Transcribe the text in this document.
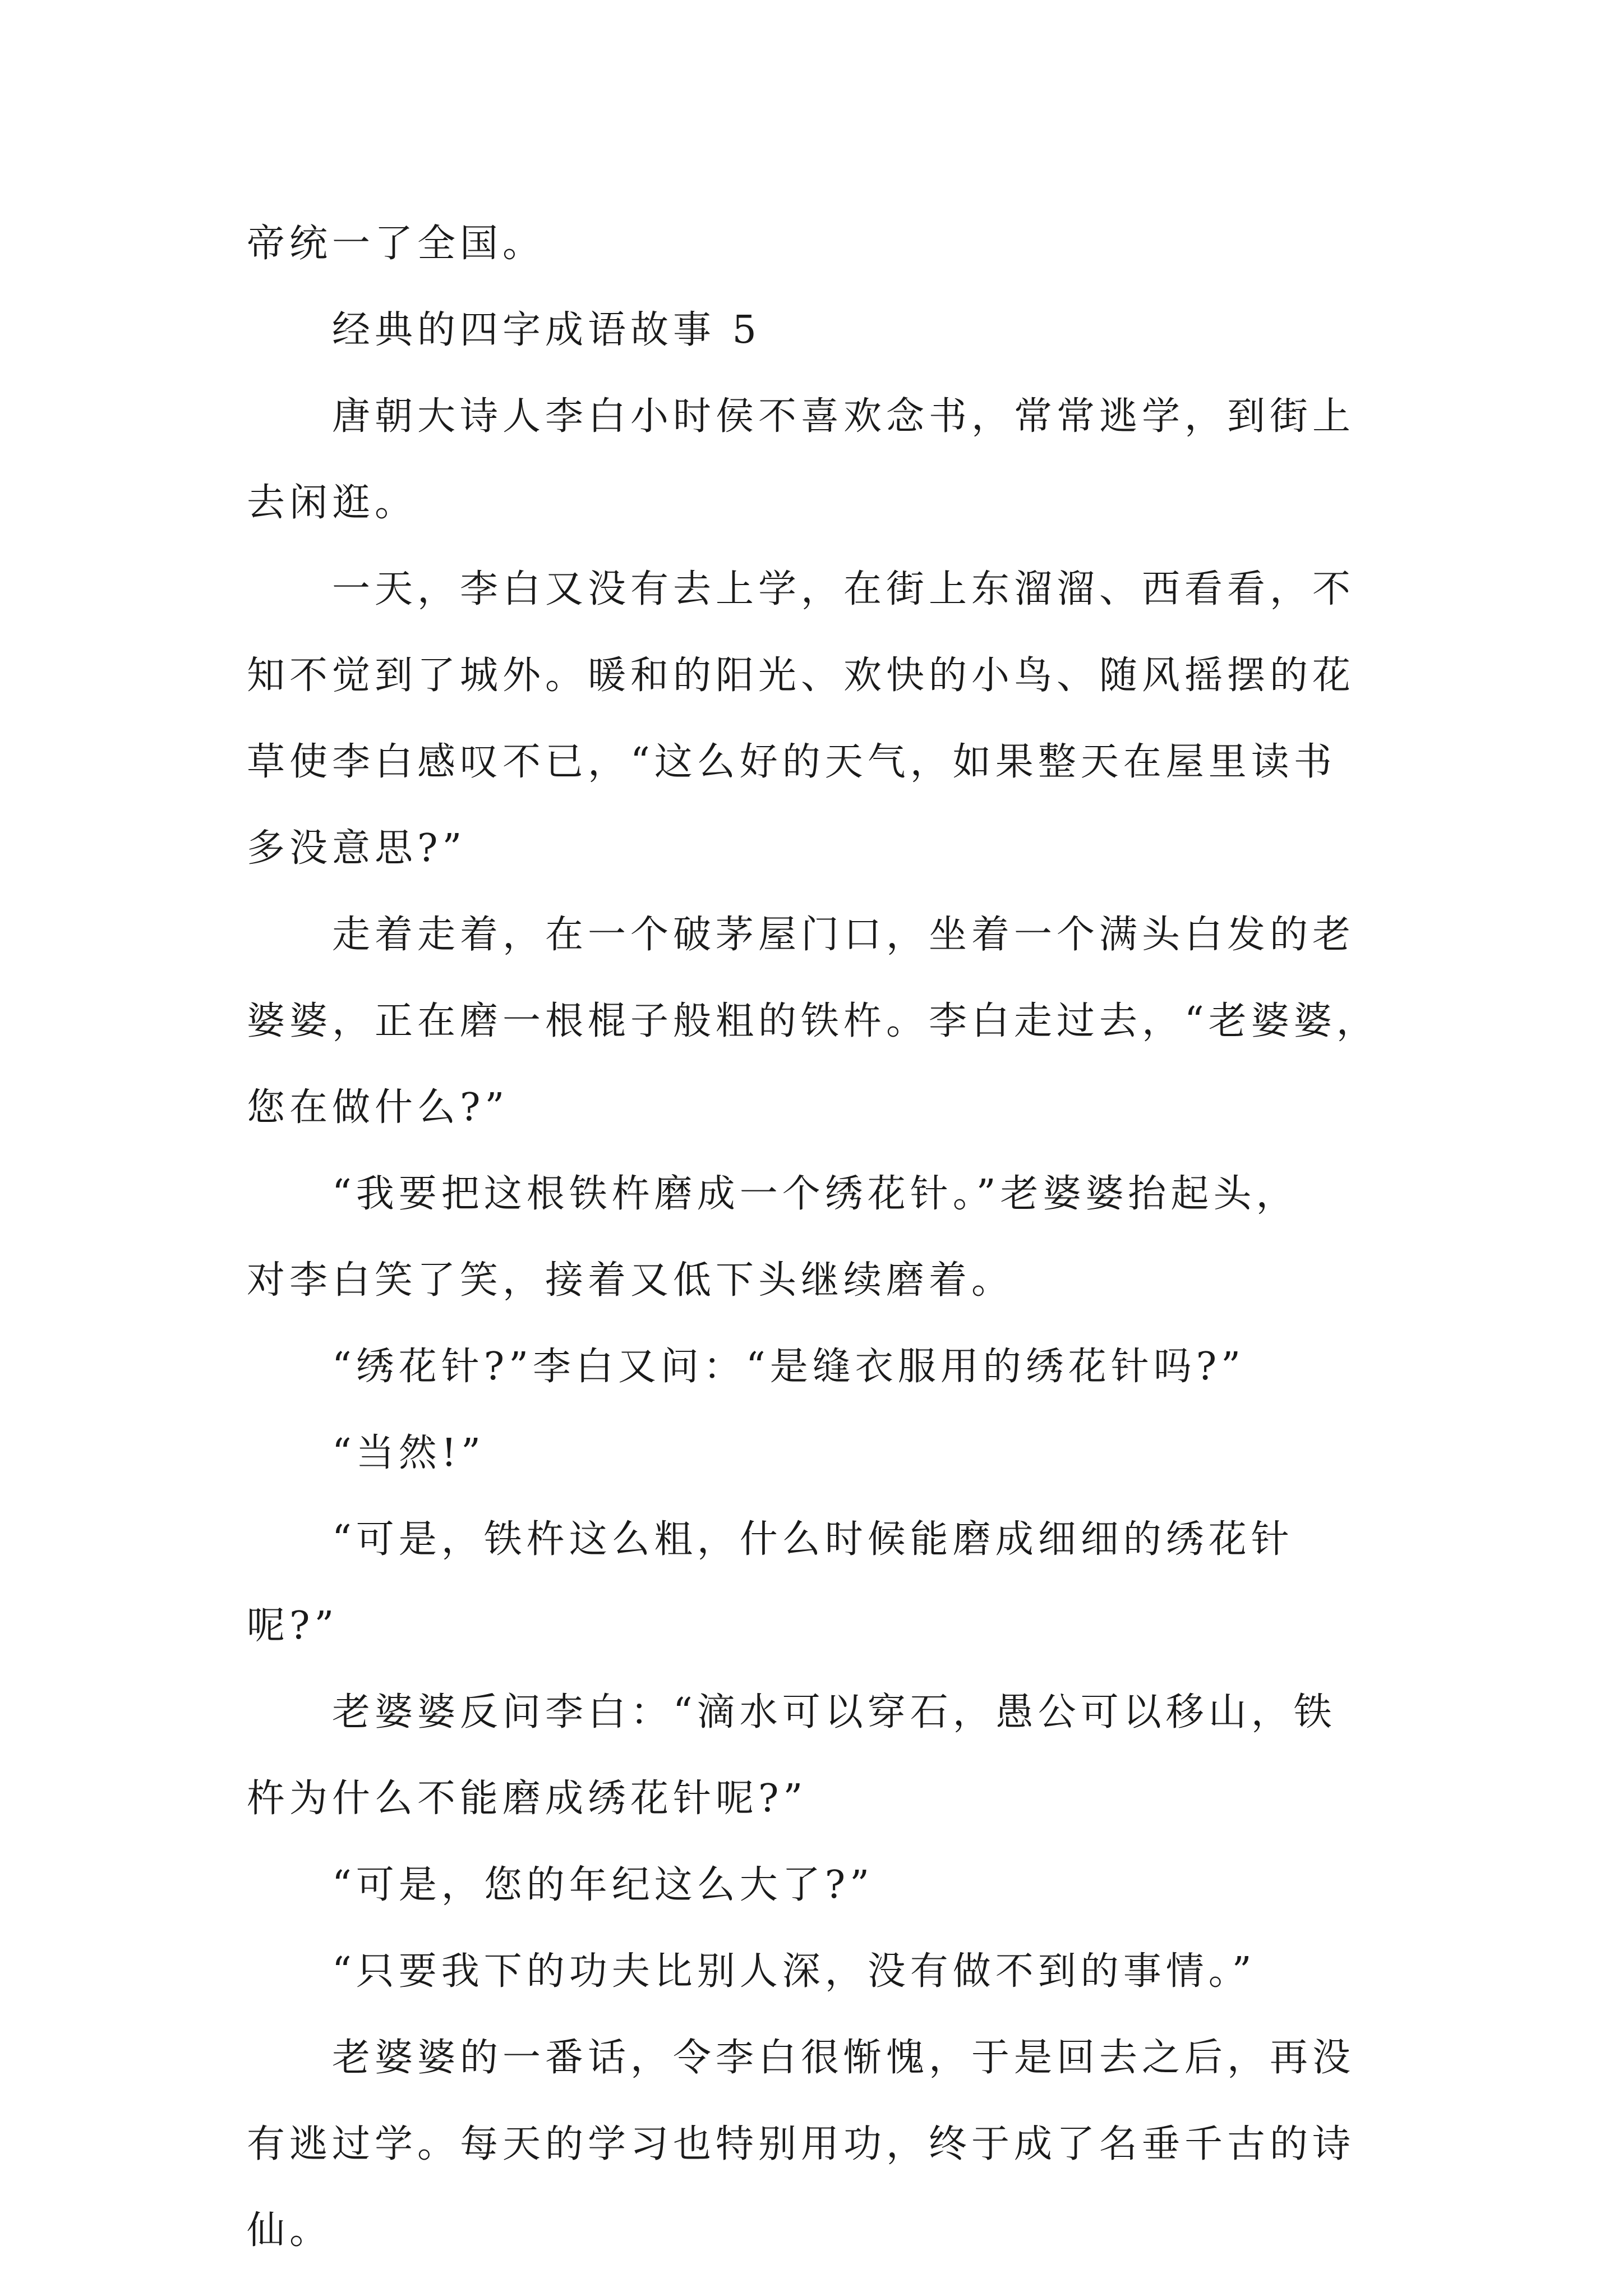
帝统一了全国。
经典的四字成语故事 5
唐朝大诗人李白小时侯不喜欢念书，常常逃学，到街上
去闲逛。
一天，李白又没有去上学，在街上东溜溜、西看看，不
知不觉到了城外。暖和的阳光、欢快的小鸟、随风摇摆的花
草使李白感叹不已，“这么好的天气，如果整天在屋里读书
多没意思?”
走着走着，在一个破茅屋门口，坐着一个满头白发的老
婆婆，正在磨一根棍子般粗的铁杵。李白走过去，“老婆婆，
您在做什么?”
“我要把这根铁杵磨成一个绣花针。”老婆婆抬起头，
对李白笑了笑，接着又低下头继续磨着。
“绣花针?”李白又问：“是缝衣服用的绣花针吗?”
“当然!”
“可是，铁杵这么粗，什么时候能磨成细细的绣花针
呢?”
老婆婆反问李白：“滴水可以穿石，愚公可以移山，铁
杵为什么不能磨成绣花针呢?”
“可是，您的年纪这么大了?”
“只要我下的功夫比别人深，没有做不到的事情。”
老婆婆的一番话，令李白很惭愧，于是回去之后，再没
有逃过学。每天的学习也特别用功，终于成了名垂千古的诗
仙。
